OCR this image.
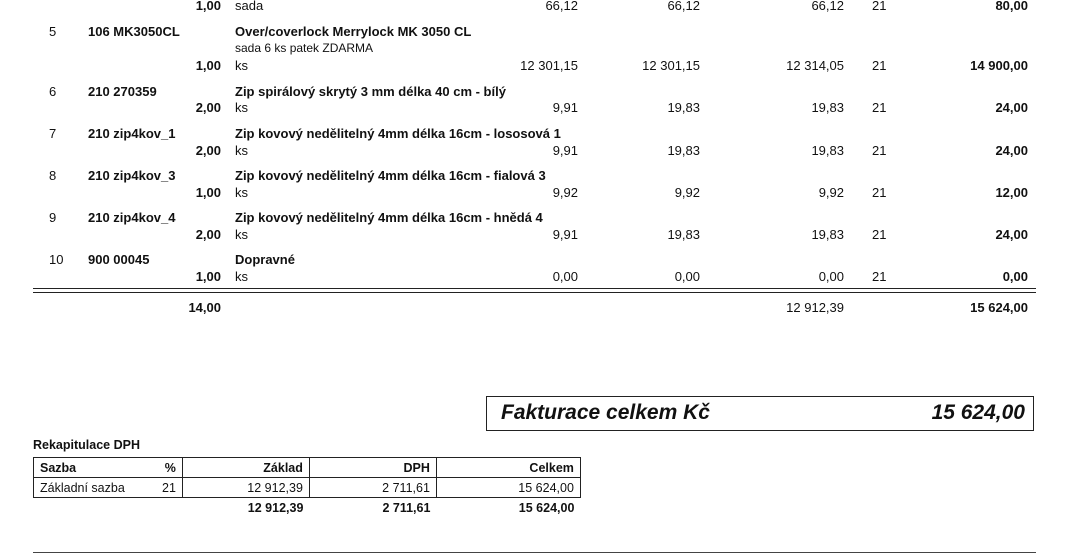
1,00 sada	66,12	66,12	66,12 21	80,00
5 106 MK3050CL	Over/coverlock Merrylock MK 3050 CL
sada 6 ks patek ZDARMA
1,00 ks	12 301,15	12 301,15	12 314,05 21	14 900,00
6 210 270359	Zip spirálový skrytý 3 mm délka 40 cm - bílý
2,00 ks	9,91	19,83	19,83 21	24,00
7 210 zip4kov_1	Zip kovový nedělitelný 4mm délka 16cm - lososová 1
2,00 ks	9,91	19,83	19,83 21	24,00
8 210 zip4kov_3	Zip kovový nedělitelný 4mm délka 16cm - fialová 3
1,00 ks	9,92	9,92	9,92 21	12,00
9 210 zip4kov_4	Zip kovový nedělitelný 4mm délka 16cm - hnědá 4
2,00 ks	9,91	19,83	19,83 21	24,00
10 900 00045	Dopravné
1,00 ks	0,00	0,00	0,00 21	0,00
14,00	12 912,39	15 624,00
Fakturace celkem Kč	15 624,00
Rekapitulace DPH
Sazba	%	Základ	DPH	Celkem
Základní sazba	21	12 912,39	2 711,61	15 624,00
		12 912,39	2 711,61	15 624,00
